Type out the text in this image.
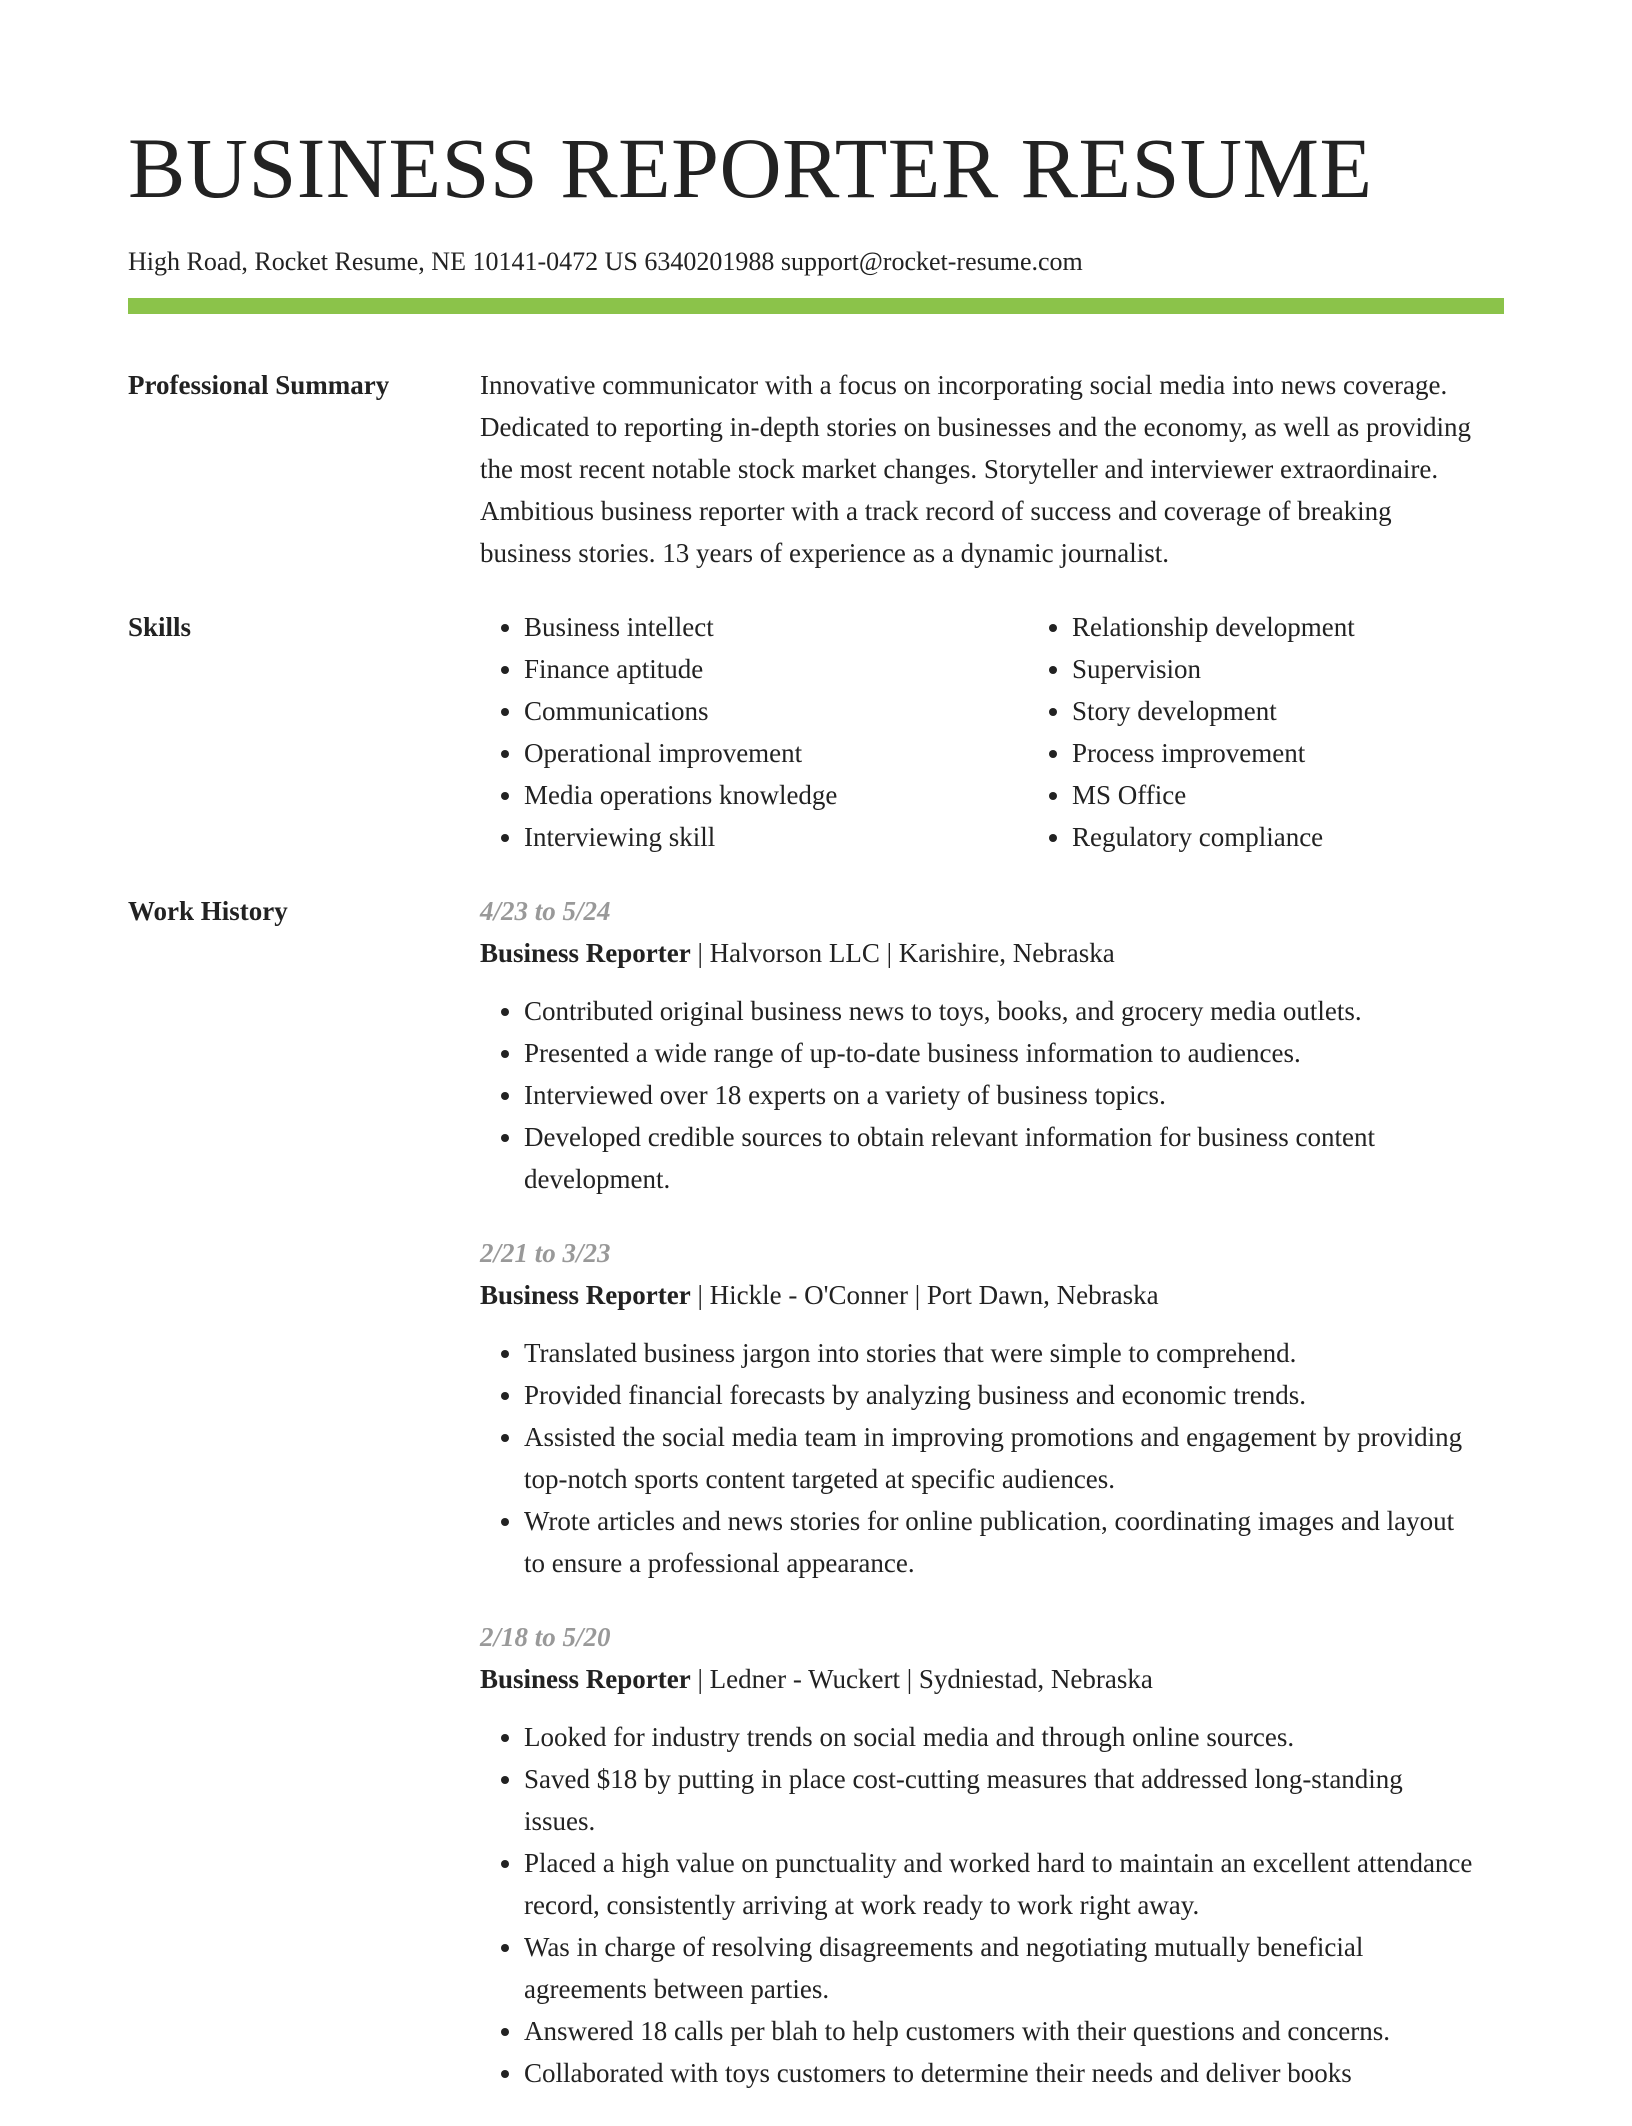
BUSINESS REPORTER RESUME
High Road, Rocket Resume, NE 10141-0472 US 6340201988 support@rocket-resume.com
Professional Summary	Innovative communicator with a focus on incorporating social media into news coverage. Dedicated to reporting in-depth stories on businesses and the economy, as well as providing the most recent notable stock market changes. Storyteller and interviewer extraordinaire. Ambitious business reporter with a track record of success and coverage of breaking business stories. 13 years of experience as a dynamic journalist.

Skills
•	Business intellect
• Finance aptitude
• Communications
• Operational improvement
• Media operations knowledge
• Interviewing skill
• Relationship development
• Supervision
• Story development
• Process improvement
• MS Office
• Regulatory compliance
Work History	4/23 to 5/24
Business Reporter | Halvorson LLC | Karishire, Nebraska
• Contributed original business news to toys, books, and grocery media outlets.
• Presented a wide range of up-to-date business information to audiences.
• Interviewed over 18 experts on a variety of business topics.
• Developed credible sources to obtain relevant information for business content development.
2/21 to 3/23
Business Reporter | Hickle - O'Conner | Port Dawn, Nebraska
• Translated business jargon into stories that were simple to comprehend.
• Provided financial forecasts by analyzing business and economic trends.
• Assisted the social media team in improving promotions and engagement by providing top-notch sports content targeted at specific audiences.
• Wrote articles and news stories for online publication, coordinating images and layout to ensure a professional appearance.
2/18 to 5/20
Business Reporter | Ledner - Wuckert | Sydniestad, Nebraska
• Looked for industry trends on social media and through online sources.
• Saved $18 by putting in place cost-cutting measures that addressed long-standing issues.
• Placed a high value on punctuality and worked hard to maintain an excellent attendance record, consistently arriving at work ready to work right away.
• Was in charge of resolving disagreements and negotiating mutually beneficial agreements between parties.
• Answered 18 calls per blah to help customers with their questions and concerns.
• Collaborated with toys customers to determine their needs and deliver books
